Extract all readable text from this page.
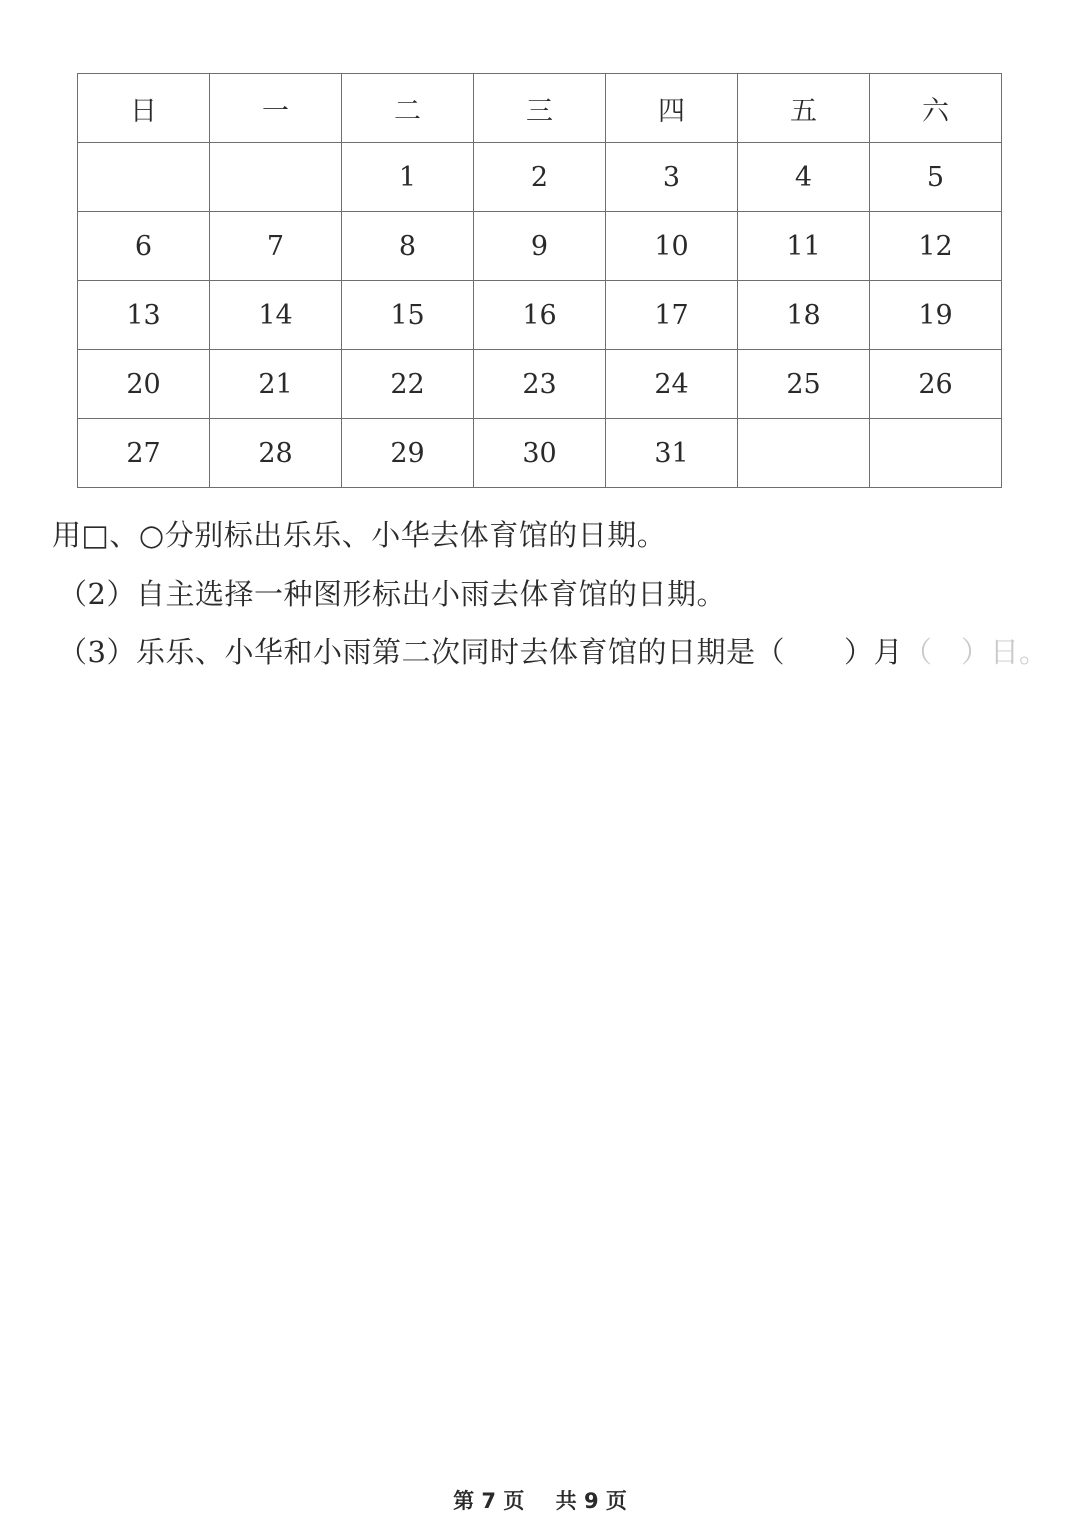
日	一	二	三	四	五	六
		1	2	3	4	5
6	7	8	9	10	11	12
13	14	15	16	17	18	19
20	21	22	23	24	25	26
27	28	29	30	31		
用□、○分别标出乐乐、小华去体育馆的日期。
（2）自主选择一种图形标出小雨去体育馆的日期。
（3）乐乐、小华和小雨第二次同时去体育馆的日期是（　　）月（　）日。
第 7 页 共 9 页
